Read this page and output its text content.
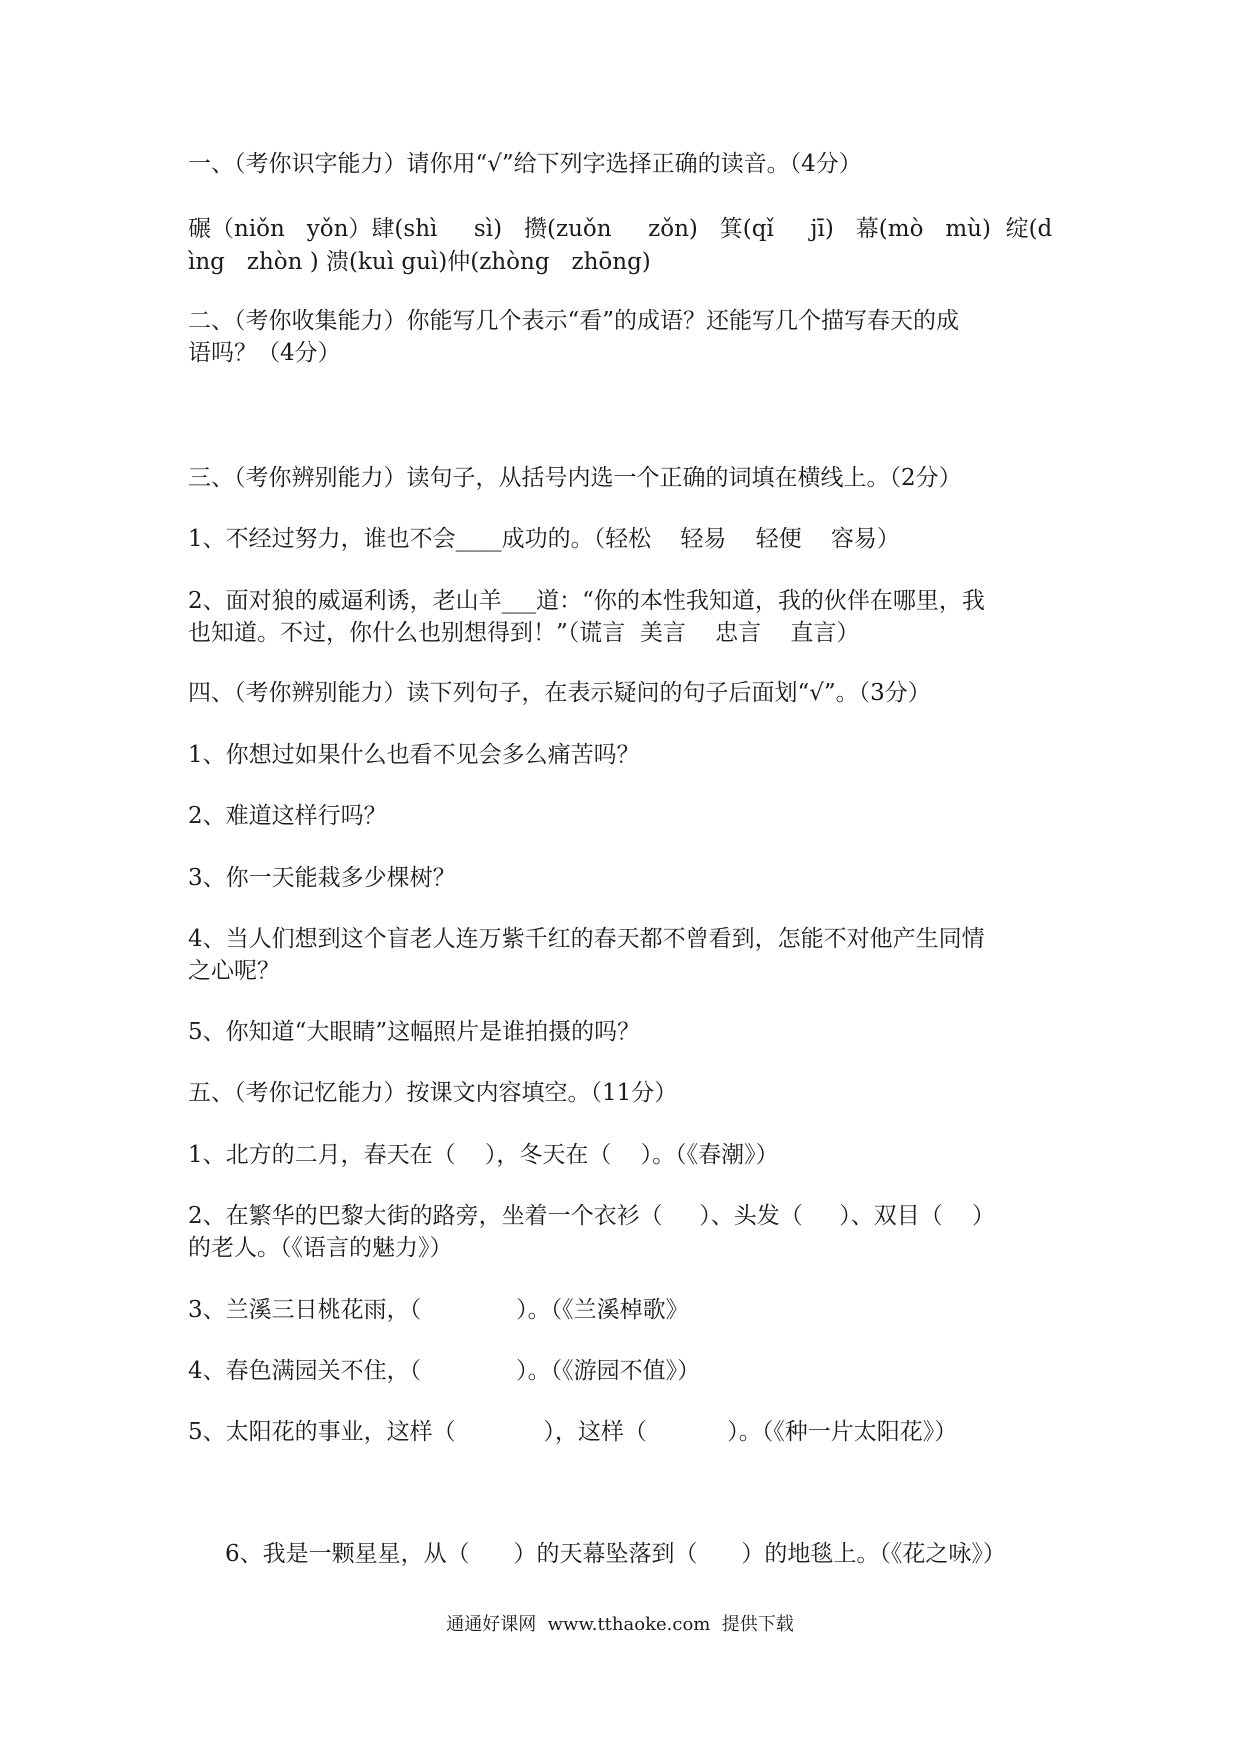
一、（考你识字能力）请你用“√”给下列字选择正确的读音。（4分）
碾（niǒn   yǒn）肆(shì     sì)   攒(zuǒn     zǒn)   箕(qǐ     jī)   幕(mò   mù)  绽(d
ìng   zhòn ) 溃(kuì guì)仲(zhòng   zhōng)
二、（考你收集能力）你能写几个表示“看”的成语？还能写几个描写春天的成
语吗？（4分）
三、（考你辨别能力）读句子，从括号内选一个正确的词填在横线上。（2分）
1、不经过努力，谁也不会____成功的。（轻松    轻易    轻便    容易）
2、面对狼的威逼利诱，老山羊___道：“你的本性我知道，我的伙伴在哪里，我
也知道。不过，你什么也别想得到！”（谎言  美言    忠言    直言）
四、（考你辨别能力）读下列句子，在表示疑问的句子后面划“√”。（3分）
1、你想过如果什么也看不见会多么痛苦吗？
2、难道这样行吗？
3、你一天能栽多少棵树？
4、当人们想到这个盲老人连万紫千红的春天都不曾看到，怎能不对他产生同情
之心呢？
5、你知道“大眼睛”这幅照片是谁拍摄的吗？
五、（考你记忆能力）按课文内容填空。（11分）
1、北方的二月，春天在（    ），冬天在（    ）。（《春潮》）
2、在繁华的巴黎大街的路旁，坐着一个衣衫（     ）、头发（     ）、双目（    ）
的老人。（《语言的魅力》）
3、兰溪三日桃花雨，（             ）。（《兰溪棹歌》
4、春色满园关不住，（             ）。（《游园不值》）
5、太阳花的事业，这样（            ），这样（           ）。（《种一片太阳花》）
6、我是一颗星星，从（      ）的天幕坠落到（      ）的地毯上。（《花之咏》）
通通好课网  www.tthaoke.com  提供下载
